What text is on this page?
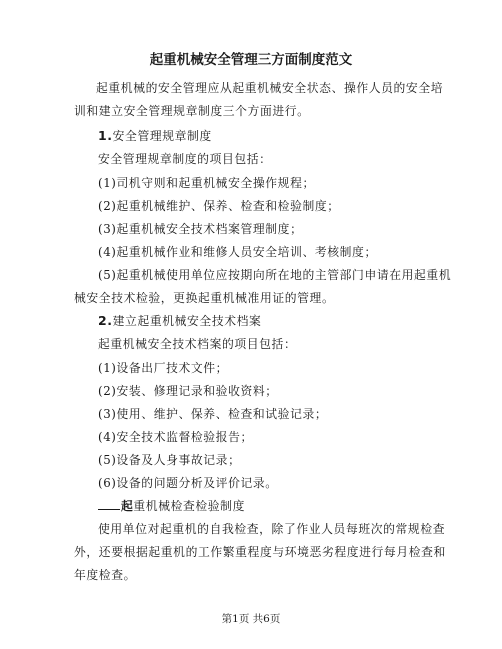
起重机械安全管理三方面制度范文
起重机械的安全管理应从起重机械安全状态、操作人员的安全培
训和建立安全管理规章制度三个方面进行。
1.安全管理规章制度
安全管理规章制度的项目包括：
(1)司机守则和起重机械安全操作规程；
(2)起重机械维护、保养、检查和检验制度；
(3)起重机械安全技术档案管理制度；
(4)起重机械作业和维修人员安全培训、考核制度；
(5)起重机械使用单位应按期向所在地的主管部门申请在用起重机
械安全技术检验，更换起重机械准用证的管理。
2.建立起重机械安全技术档案
起重机械安全技术档案的项目包括：
(1)设备出厂技术文件；
(2)安装、修理记录和验收资料；
(3)使用、维护、保养、检查和试验记录；
(4)安全技术监督检验报告；
(5)设备及人身事故记录；
(6)设备的问题分析及评价记录。
起重机械检查检验制度
使用单位对起重机的自我检查，除了作业人员每班次的常规检查
外，还要根据起重机的工作繁重程度与环境恶劣程度进行每月检查和
年度检查。
第1页 共6页
